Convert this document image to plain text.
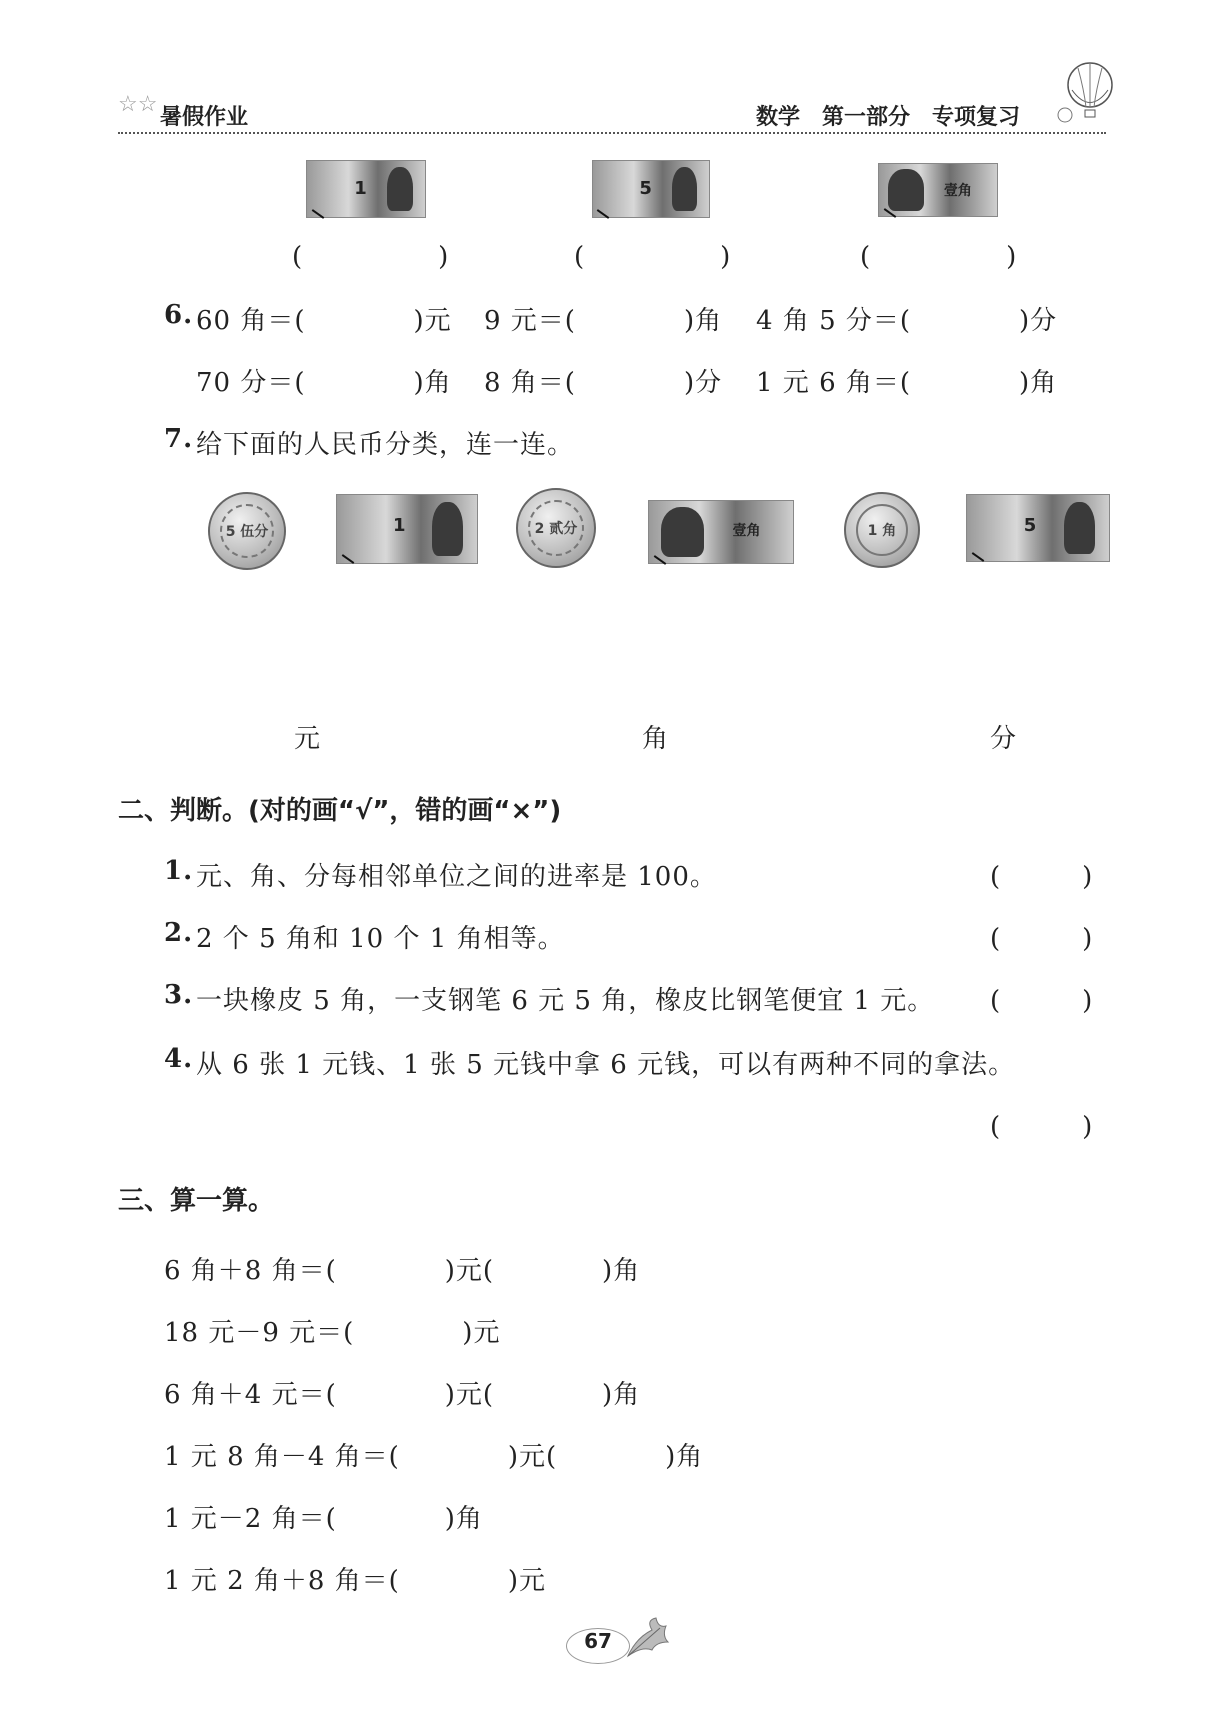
☆☆
暑假作业	数学　第一部分　专项复习
1	5	壹角
(　　　　　)	(　　　　　)	(　　　　　)
6. 60 角＝(　　　　)元 9 元＝(　　　　)角 4 角 5 分＝(　　　　)分
70 分＝(　　　　)角 8 角＝(　　　　)分 1 元 6 角＝(　　　　)角
7. 给下面的人民币分类，连一连。
5 伍分	1	2 贰分	壹角	1 角	5
元	角	分
二、判断。(对的画“√”，错的画“×”)
1. 元、角、分每相邻单位之间的进率是 100。	(　　　)
2. 2 个 5 角和 10 个 1 角相等。	(　　　)
3. 一块橡皮 5 角，一支钢笔 6 元 5 角，橡皮比钢笔便宜 1 元。 (　　　)
4. 从 6 张 1 元钱、1 张 5 元钱中拿 6 元钱，可以有两种不同的拿法。
(　　　)
三、算一算。
6 角＋8 角＝(　　　　)元(　　　　)角
18 元－9 元＝(　　　　)元
6 角＋4 元＝(　　　　)元(　　　　)角
1 元 8 角－4 角＝(　　　　)元(　　　　)角
1 元－2 角＝(　　　　)角
1 元 2 角＋8 角＝(　　　　)元
67
